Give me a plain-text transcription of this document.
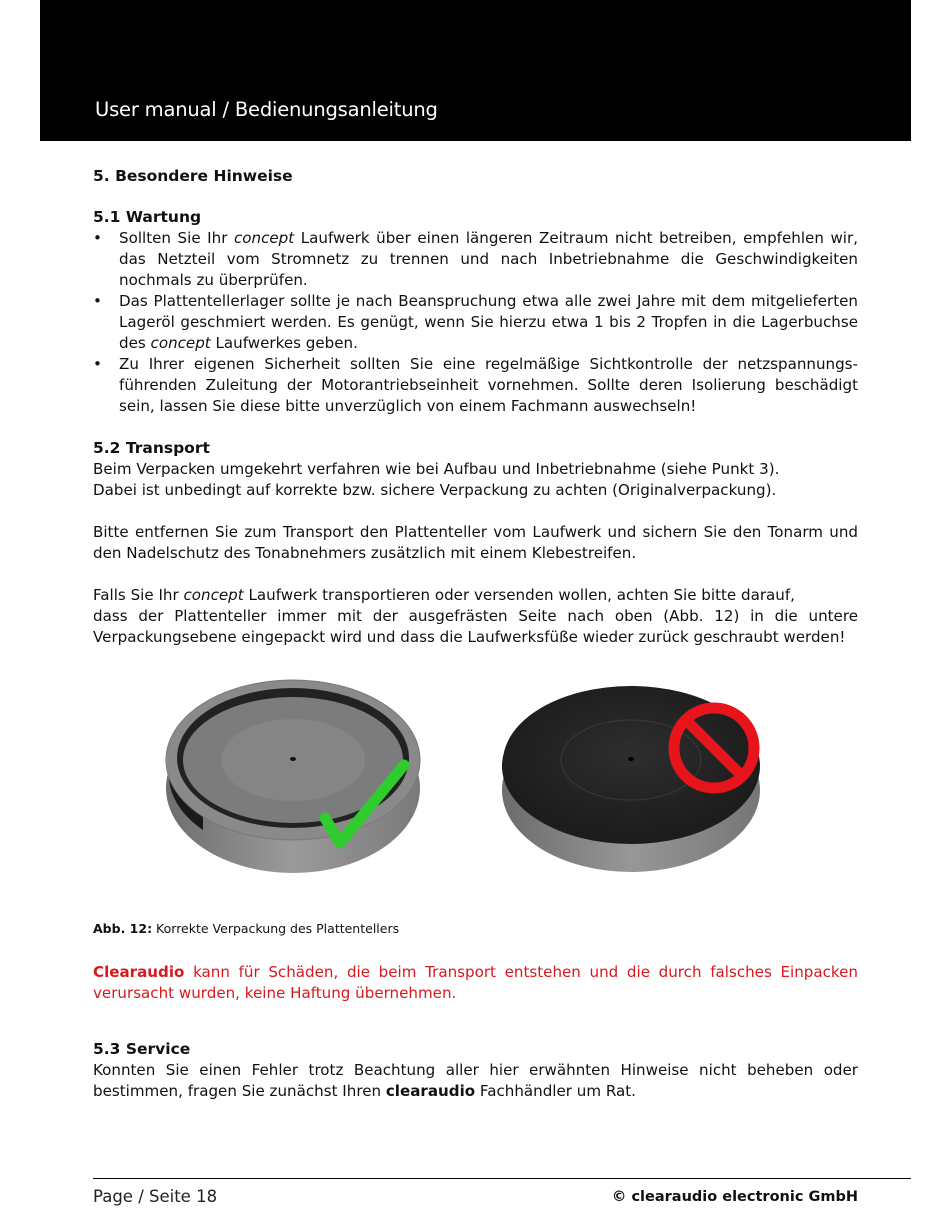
User manual / Bedienungsanleitung
5. Besondere Hinweise
5.1 Wartung
• Sollten Sie Ihr concept Laufwerk über einen längeren Zeitraum nicht betreiben, empfehlen wir, das Netzteil vom Stromnetz zu trennen und nach Inbetriebnahme die Geschwindigkeiten nochmals zu überprüfen.
• Das Plattentellerlager sollte je nach Beanspruchung etwa alle zwei Jahre mit dem mitgelieferten Lageröl geschmiert werden. Es genügt, wenn Sie hierzu etwa 1 bis 2 Tropfen in die Lagerbuchse des concept Laufwerkes geben.
• Zu Ihrer eigenen Sicherheit sollten Sie eine regelmäßige Sichtkontrolle der netzspannungs-führenden Zuleitung der Motorantriebseinheit vornehmen. Sollte deren Isolierung beschädigt sein, lassen Sie diese bitte unverzüglich von einem Fachmann auswechseln!
5.2 Transport

Beim Verpacken umgekehrt verfahren wie bei Aufbau und Inbetriebnahme (siehe Punkt 3).
Dabei ist unbedingt auf korrekte bzw. sichere Verpackung zu achten (Originalverpackung).

Bitte entfernen Sie zum Transport den Plattenteller vom Laufwerk und sichern Sie den Tonarm und den Nadelschutz des Tonabnehmers zusätzlich mit einem Klebestreifen.

Falls Sie Ihr concept Laufwerk transportieren oder versenden wollen, achten Sie bitte darauf,

dass der Plattenteller immer mit der ausgefrästen Seite nach oben (Abb. 12) in die untere Verpackungsebene eingepackt wird und dass die Laufwerksfüße wieder zurück geschraubt werden!

Abb. 12: Korrekte Verpackung des Plattentellers

Clearaudio kann für Schäden, die beim Transport entstehen und die durch falsches Einpacken verursacht wurden, keine Haftung übernehmen.

5.3 Service

Konnten Sie einen Fehler trotz Beachtung aller hier erwähnten Hinweise nicht beheben oder bestimmen, fragen Sie zunächst Ihren clearaudio Fachhändler um Rat.

Page / Seite 18	© clearaudio electronic GmbH
